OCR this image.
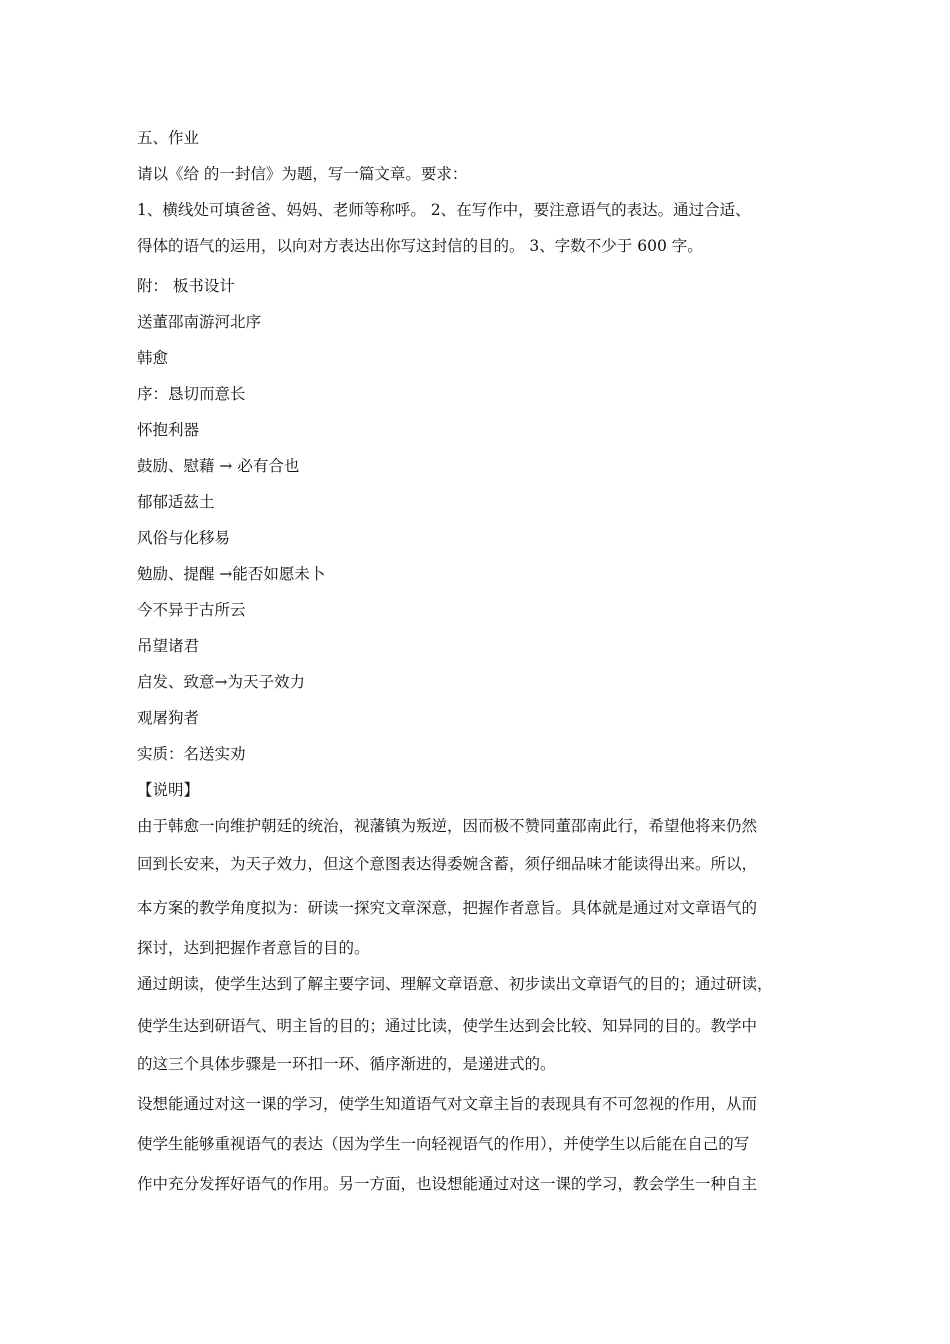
五、作业
请以《给 的一封信》为题，写一篇文章。要求：
1、横线处可填爸爸、妈妈、老师等称呼。 2、在写作中，要注意语气的表达。通过合适、
得体的语气的运用，以向对方表达出你写这封信的目的。 3、字数不少于 600 字。
附： 板书设计
送董邵南游河北序
韩愈
序：恳切而意长
怀抱利器
鼓励、慰藉 → 必有合也
郁郁适兹土
风俗与化移易
勉励、提醒 →能否如愿未卜
今不异于古所云
吊望诸君
启发、致意→为天子效力
观屠狗者
实质：名送实劝
【说明】
由于韩愈一向维护朝廷的统治，视藩镇为叛逆，因而极不赞同董邵南此行，希望他将来仍然
回到长安来，为天子效力，但这个意图表达得委婉含蓄，须仔细品味才能读得出来。所以，
本方案的教学角度拟为：研读一探究文章深意，把握作者意旨。具体就是通过对文章语气的
探讨，达到把握作者意旨的目的。
通过朗读，使学生达到了解主要字词、理解文章语意、初步读出文章语气的目的；通过研读，
使学生达到研语气、明主旨的目的；通过比读，使学生达到会比较、知异同的目的。教学中
的这三个具体步骤是一环扣一环、循序渐进的，是递进式的。
设想能通过对这一课的学习，使学生知道语气对文章主旨的表现具有不可忽视的作用，从而
使学生能够重视语气的表达（因为学生一向轻视语气的作用），并使学生以后能在自己的写
作中充分发挥好语气的作用。另一方面，也设想能通过对这一课的学习，教会学生一种自主
